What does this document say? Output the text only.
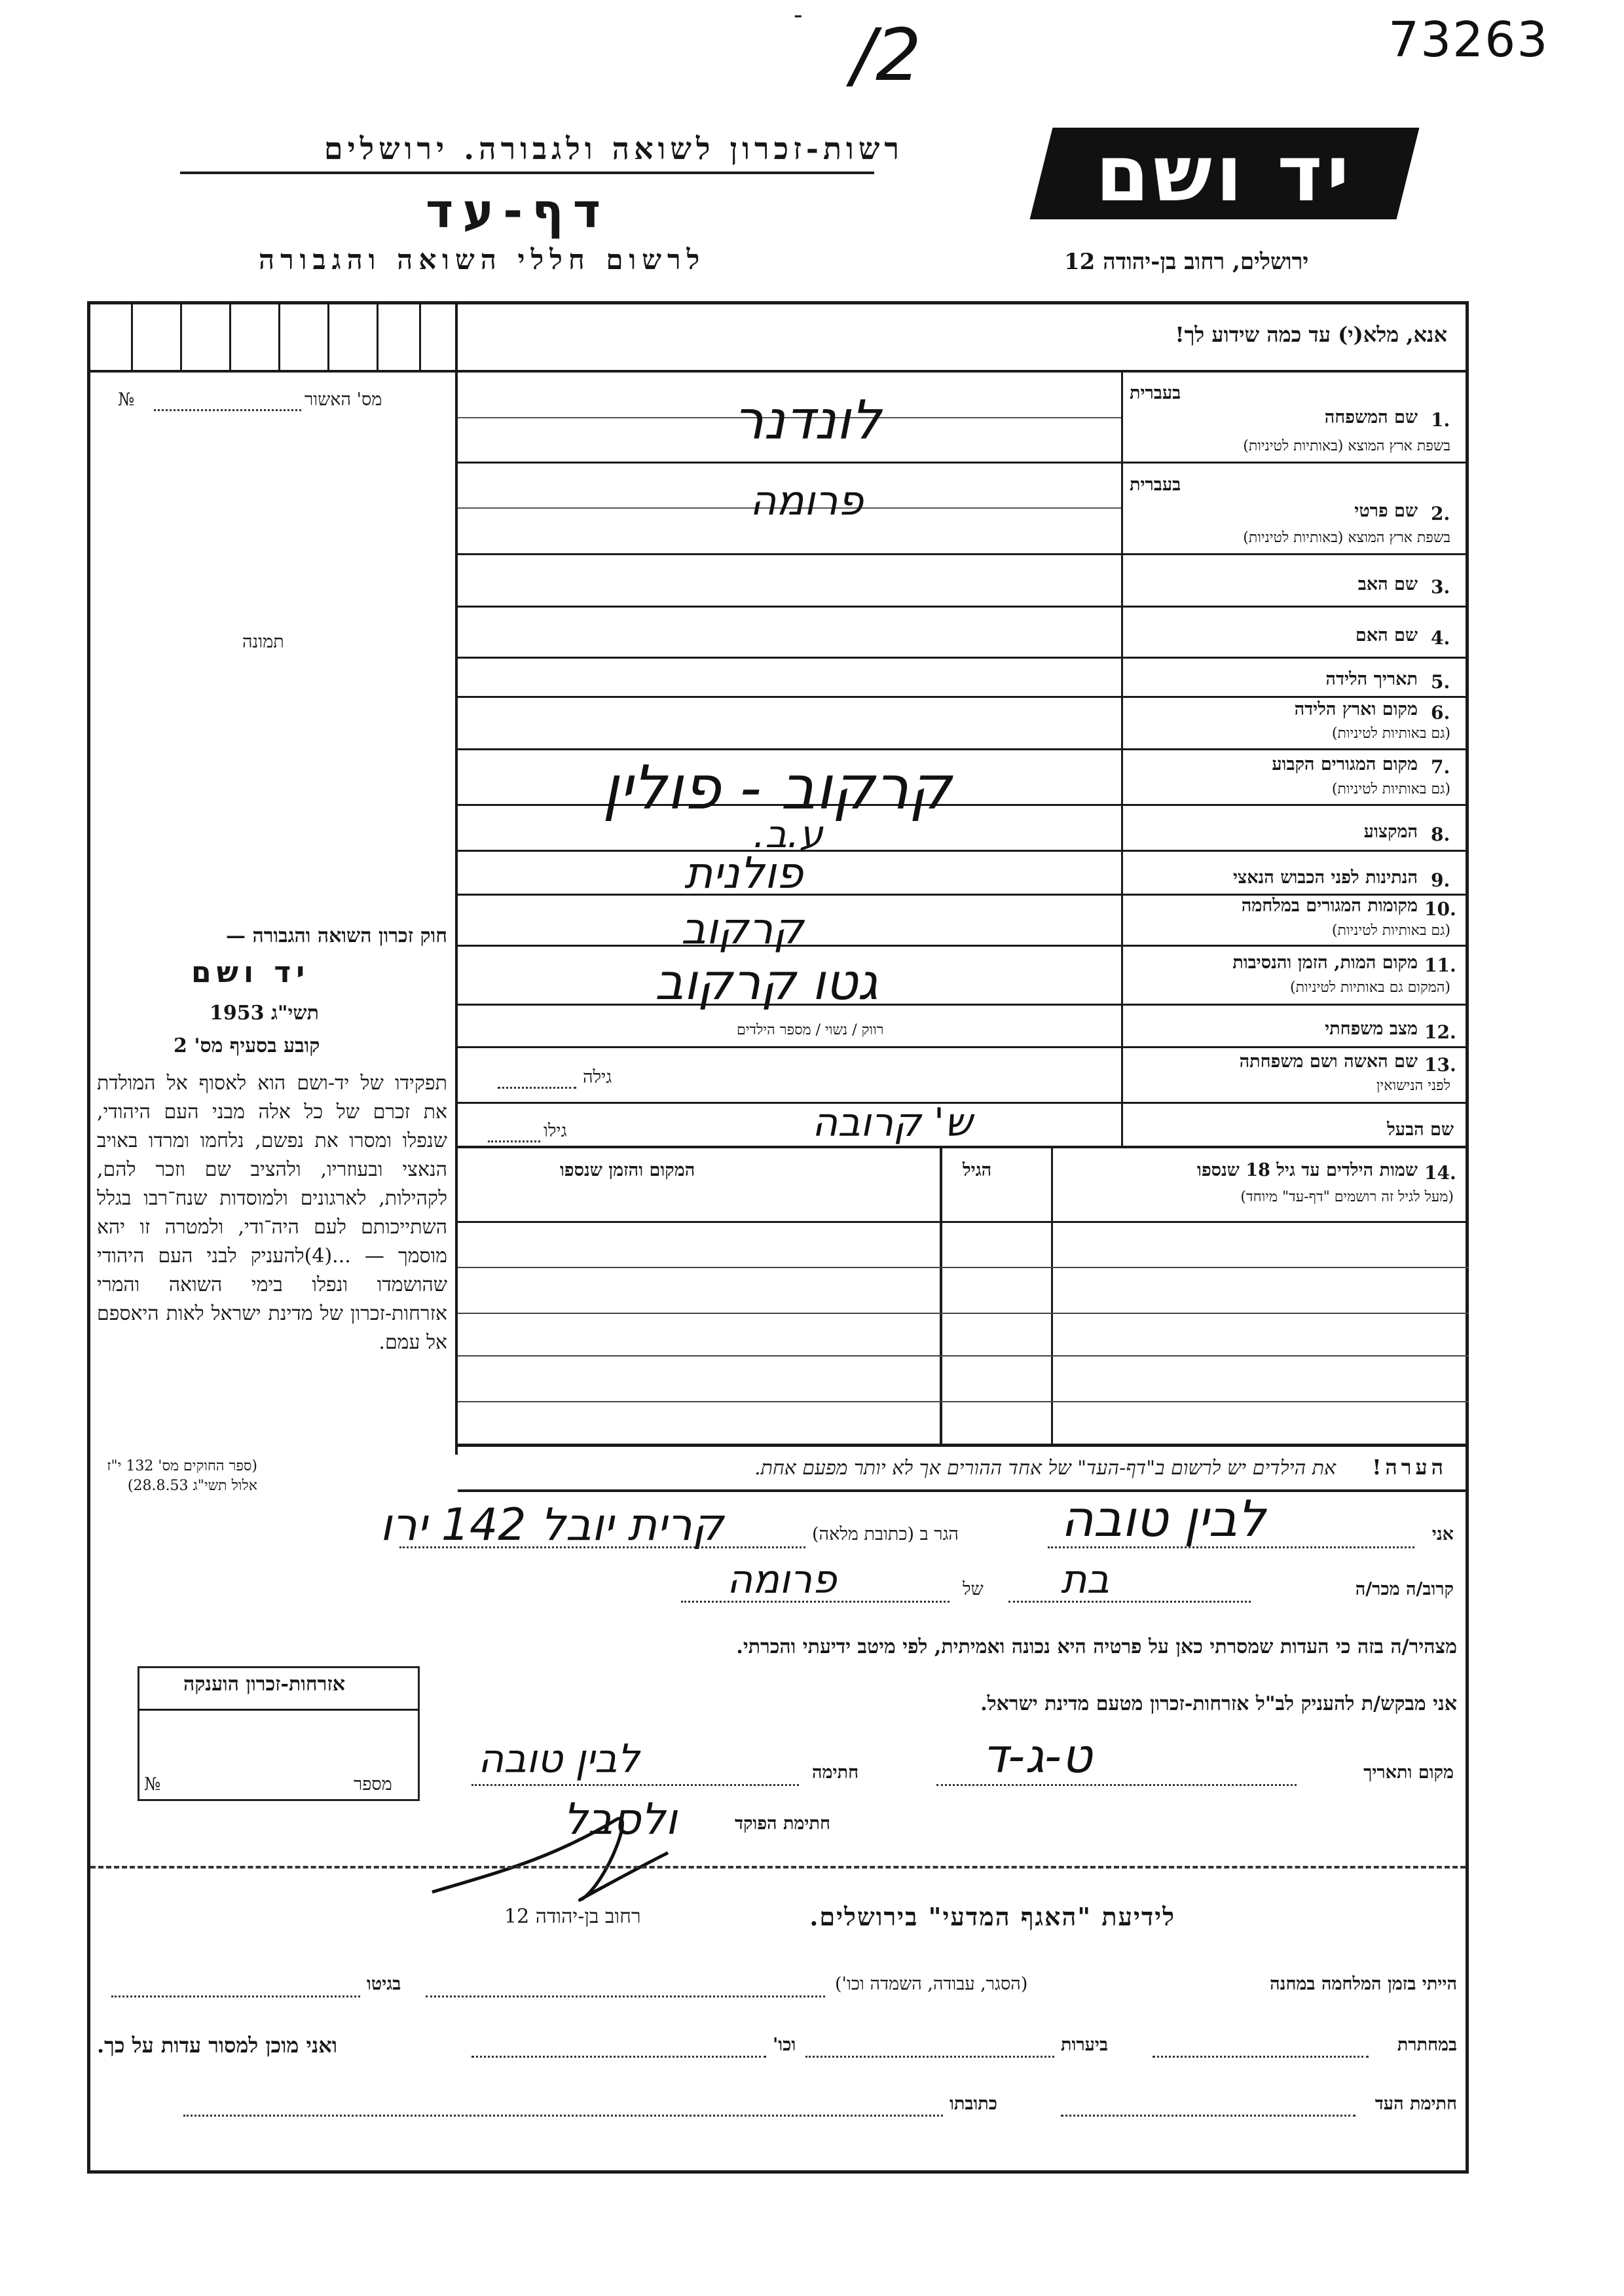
73263
/2
-
יד ושם
רשות-זכרון לשואה ולגבורה. ירושלים
דף-עד
לרשום חללי השואה והגבורה	ירושלים, רחוב בן-יהודה 12
אנא, מלא(י) עד כמה שידוע לך!
מס' האשור
№
תמונה
בעברית
1.
שם המשפחה
בשפת ארץ המוצא (באותיות לטיניות)
בעברית
2.
שם פרטי
בשפת ארץ המוצא (באותיות לטיניות)
3.
שם האב
4.
שם האם
5.
תאריך הלידה
6.
מקום וארץ הלידה
(גם באותיות לטיניות)
7.
מקום המגורים הקבוע
(גם באותיות לטיניות)
8.
המקצוע
9.
הנתינות לפני הכבוש הנאצי
10.
מקומות המגורים במלחמה
(גם באותיות לטיניות)
11.
מקום המות, הזמן והנסיבות
(המקום גם באותיות לטיניות)
12.
מצב משפחתי
רווק / נשוי / מספר הילדים
13.
שם האשה ושם משפחתה
לפני הנישואין
גילה
שם הבעל
גילו
14.
שמות הילדים עד גיל 18 שנספו
(מעל לגיל זה רושמים "דף-עד" מיוחד)
הגיל
המקום והזמן שנספו
הערה!
את הילדים יש לרשום ב"דף-העד" של אחד ההורים אך לא יותר מפעם אחת.
חוק זכרון השואה והגבורה —
יד ושם
תשי"ג 1953
קובע בסעיף מס' 2
תפקידו של יד-ושם הוא לאסוף אל המולדת את זכרם של כל אלה מבני העם היהודי, שנפלו ומסרו את נפשם, נלחמו ומרדו באויב הנאצי ובעוזריו, ולהציב שם וזכר להם, לקהילות, לארגונים ולמוסדות שנח־רבו בגלל השתייכותם לעם היה־ודי, ולמטרה זו יהא מוסמך — ...(4)להעניק לבני העם היהודי שהושמדו ונפלו בימי השואה והמרי אזרחות-זכרון של מדינת ישראל לאות היאספם אל עמם.
(ספר החוקים מס' 132 י"ז אלול תשי"ג 28.8.53)
לונדנר
פרומה
קרקוב - פולין
ע.ב.
פולנית
קרקוב
גטו קרקוב
ש' קרובה
אני
לבין טובה
הגר ב (כתובת מלאה)
קרית יובל 142 ירו
קרוב/ה מכר/ה
בת
של
פרומה
מצהיר/ה בזה כי העדות שמסרתי כאן על פרטיה היא נכונה ואמיתית, לפי מיטב ידיעתי והכרתי.
אני מבקש/ת להעניק לב"ל אזרחות-זכרון מטעם מדינת ישראל.
אזרחות-זכרון הוענקה
מספר
№
מקום ותאריך
ט-ג-ד
חתימה
לבין טובה
חתימת הפוקד
ולסבל
לידיעת "האגף המדעי" בירושלים.
רחוב בן-יהודה 12
הייתי בזמן המלחמה במחנה
(הסגר, עבודה, השמדה וכו')
בגיטו
במחתרת
ביערות
וכו'
ואני מוכן למסור עדות על כך.
חתימת העד
כתובתו
